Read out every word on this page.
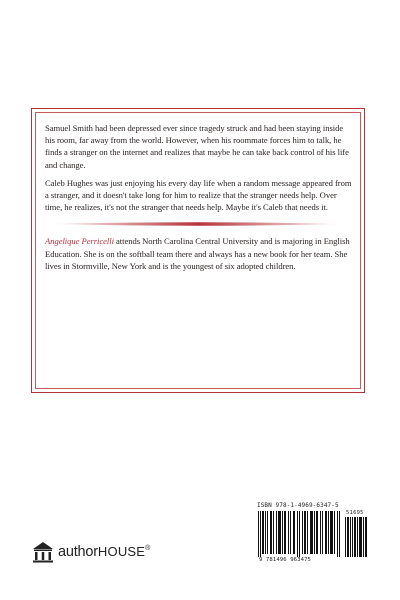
Samuel Smith had been depressed ever since tragedy struck and had been staying inside his room, far away from the world. However, when his roommate forces him to talk, he finds a stranger on the internet and realizes that maybe he can take back control of his life and change.

Caleb Hughes was just enjoying his every day life when a random message appeared from a stranger, and it doesn't take long for him to realize that the stranger needs help. Over time, he realizes, it's not the stranger that needs help. Maybe it's Caleb that needs it.

Angelique Perricelli attends North Carolina Central University and is majoring in English Education. She is on the softball team there and always has a new book for her team. She lives in Stormville, New York and is the youngest of six adopted children.

ISBN 978-1-4969-6347-5
51695
9 781496 963475
authorHOUSE®
